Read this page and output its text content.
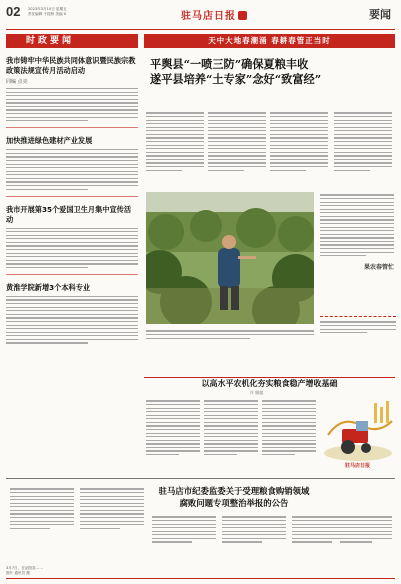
02 2023年3月10日 星期五
责任编辑 于振桥 美编 X	驻马店日报	要闻
时政要闻
我市铸牢中华民族共同体意识暨民族宗教政策法规宣传月活动启动
同编 点亮
加快推进绿色建材产业发展
我市开展第35个爱国卫生月集中宣传活动
黄淮学院新增3个本科专业
天中大地春潮涌 春耕春管正当时
平舆县“一喷三防”确保夏粮丰收
遂平县培养“土专家”念好“致富经”
果农春管忙
以高水平农机化夯实粮食稳产增收基础
许 雁超
驻马店日报
驻马店市纪委监委关于受理粮食购销领域
腐败问题专项整治举报的公告
3月7日，在泌阳县……
图片 通讯员 摄
